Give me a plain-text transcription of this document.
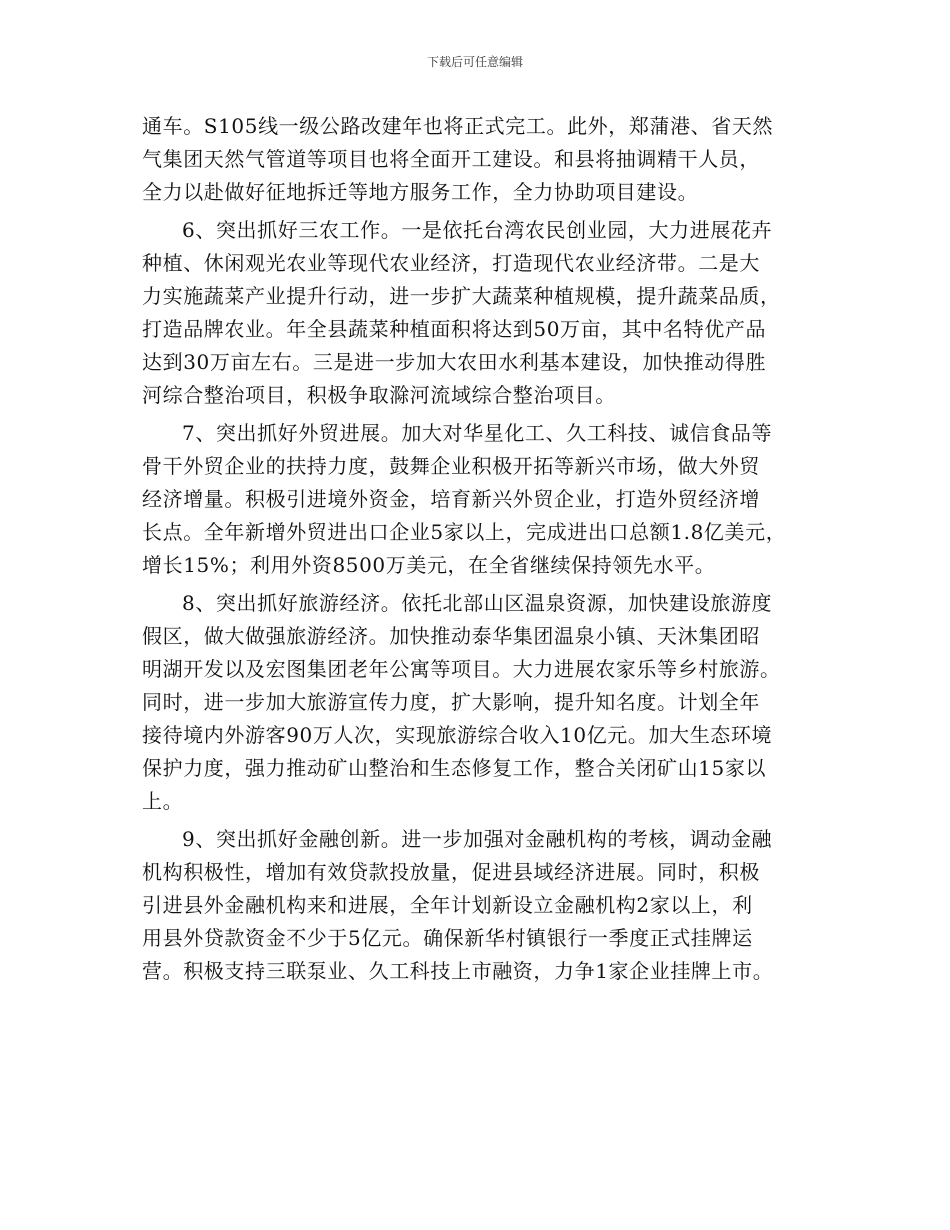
下载后可任意编辑
通车。S105线一级公路改建年也将正式完工。此外，郑蒲港、省天然
气集团天然气管道等项目也将全面开工建设。和县将抽调精干人员，
全力以赴做好征地拆迁等地方服务工作，全力协助项目建设。
6、突出抓好三农工作。一是依托台湾农民创业园，大力进展花卉
种植、休闲观光农业等现代农业经济，打造现代农业经济带。二是大
力实施蔬菜产业提升行动，进一步扩大蔬菜种植规模，提升蔬菜品质，
打造品牌农业。年全县蔬菜种植面积将达到50万亩，其中名特优产品
达到30万亩左右。三是进一步加大农田水利基本建设，加快推动得胜
河综合整治项目，积极争取滁河流域综合整治项目。
7、突出抓好外贸进展。加大对华星化工、久工科技、诚信食品等
骨干外贸企业的扶持力度，鼓舞企业积极开拓等新兴市场，做大外贸
经济增量。积极引进境外资金，培育新兴外贸企业，打造外贸经济增
长点。全年新增外贸进出口企业5家以上，完成进出口总额1.8亿美元，
增长15%；利用外资8500万美元，在全省继续保持领先水平。
8、突出抓好旅游经济。依托北部山区温泉资源，加快建设旅游度
假区，做大做强旅游经济。加快推动泰华集团温泉小镇、天沐集团昭
明湖开发以及宏图集团老年公寓等项目。大力进展农家乐等乡村旅游。
同时，进一步加大旅游宣传力度，扩大影响，提升知名度。计划全年
接待境内外游客90万人次，实现旅游综合收入10亿元。加大生态环境
保护力度，强力推动矿山整治和生态修复工作，整合关闭矿山15家以
上。
9、突出抓好金融创新。进一步加强对金融机构的考核，调动金融
机构积极性，增加有效贷款投放量，促进县域经济进展。同时，积极
引进县外金融机构来和进展，全年计划新设立金融机构2家以上，利
用县外贷款资金不少于5亿元。确保新华村镇银行一季度正式挂牌运
营。积极支持三联泵业、久工科技上市融资，力争1家企业挂牌上市。
